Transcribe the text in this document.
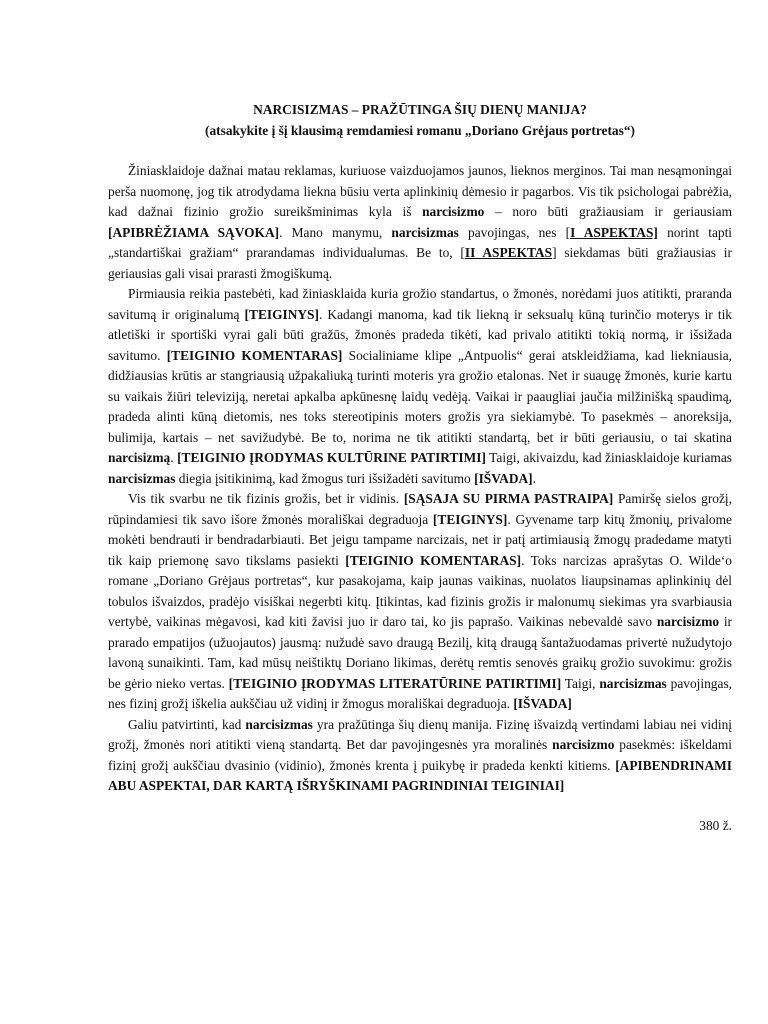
NARCISIZMAS – PRAŽŪTINGA ŠIŲ DIENŲ MANIJA?
(atsakykite į šį klausimą remdamiesi romanu „Doriano Grėjaus portretas“)

Žiniasklaidoje dažnai matau reklamas, kuriuose vaizduojamos jaunos, lieknos merginos. Tai man nesąmoningai perša nuomonę, jog tik atrodydama liekna būsiu verta aplinkinių dėmesio ir pagarbos. Vis tik psichologai pabrėžia, kad dažnai fizinio grožio sureikšminimas kyla iš narcisizmo – noro būti gražiausiam ir geriausiam [APIBRĖŽIAMA SĄVOKA]. Mano manymu, narcisizmas pavojingas, nes [I ASPEKTAS] norint tapti „standartiškai gražiam“ prarandamas individualumas. Be to, [II ASPEKTAS] siekdamas būti gražiausias ir geriausias gali visai prarasti žmogiškumą.

Pirmiausia reikia pastebėti, kad žiniasklaida kuria grožio standartus, o žmonės, norėdami juos atitikti, praranda savitumą ir originalumą [TEIGINYS]. Kadangi manoma, kad tik liekną ir seksualų kūną turinčio moterys ir tik atletiški ir sportiški vyrai gali būti gražūs, žmonės pradeda tikėti, kad privalo atitikti tokią normą, ir išsižada savitumo. [TEIGINIO KOMENTARAS] Socialiniame klipe „Antpuolis“ gerai atskleidžiama, kad liekniausia, didžiausias krūtis ar stangriausią užpakaliuką turinti moteris yra grožio etalonas. Net ir suaugę žmonės, kurie kartu su vaikais žiūri televiziją, neretai apkalba apkūnesnę laidų vedėją. Vaikai ir paaugliai jaučia milžinišką spaudimą, pradeda alinti kūną dietomis, nes toks stereotipinis moters grožis yra siekiamybė. To pasekmės – anoreksija, bulimija, kartais – net savižudybė. Be to, norima ne tik atitikti standartą, bet ir būti geriausiu, o tai skatina narcisizmą. [TEIGINIO ĮRODYMAS KULTŪRINE PATIRTIMI] Taigi, akivaizdu, kad žiniasklaidoje kuriamas narcisizmas diegia įsitikinimą, kad žmogus turi išsižadėti savitumo [IŠVADA].

Vis tik svarbu ne tik fizinis grožis, bet ir vidinis. [SĄSAJA SU PIRMA PASTRAIPA] Pamiršę sielos grožį, rūpindamiesi tik savo išore žmonės morališkai degraduoja [TEIGINYS]. Gyvename tarp kitų žmonių, privalome mokėti bendrauti ir bendradarbiauti. Bet jeigu tampame narcizais, net ir patį artimiausią žmogų pradedame matyti tik kaip priemonę savo tikslams pasiekti [TEIGINIO KOMENTARAS]. Toks narcizas aprašytas O. Wilde‘o romane „Doriano Grėjaus portretas“, kur pasakojama, kaip jaunas vaikinas, nuolatos liaupsinamas aplinkinių dėl tobulos išvaizdos, pradėjo visiškai negerbti kitų. Įtikintas, kad fizinis grožis ir malonumų siekimas yra svarbiausia vertybė, vaikinas mėgavosi, kad kiti žavisi juo ir daro tai, ko jis paprašo. Vaikinas nebevaldė savo narcisizmo ir prarado empatijos (užuojautos) jausmą: nužudė savo draugą Bezilį, kitą draugą šantažuodamas privertė nužudytojo lavoną sunaikinti. Tam, kad mūsų neištiktų Doriano likimas, derėtų remtis senovės graikų grožio suvokimu: grožis be gėrio nieko vertas. [TEIGINIO ĮRODYMAS LITERATŪRINE PATIRTIMI] Taigi, narcisizmas pavojingas, nes fizinį grožį iškelia aukščiau už vidinį ir žmogus morališkai degraduoja. [IŠVADA]

Galiu patvirtinti, kad narcisizmas yra pražūtinga šių dienų manija. Fizinę išvaizdą vertindami labiau nei vidinį grožį, žmonės nori atitikti vieną standartą. Bet dar pavojingesnės yra moralinės narcisizmo pasekmės: iškeldami fizinį grožį aukščiau dvasinio (vidinio), žmonės krenta į puikybę ir pradeda kenkti kitiems. [APIBENDRINAMI ABU ASPEKTAI, DAR KARTĄ IŠRYŠKINAMI PAGRINDINIAI TEIGINIAI]

380 ž.
